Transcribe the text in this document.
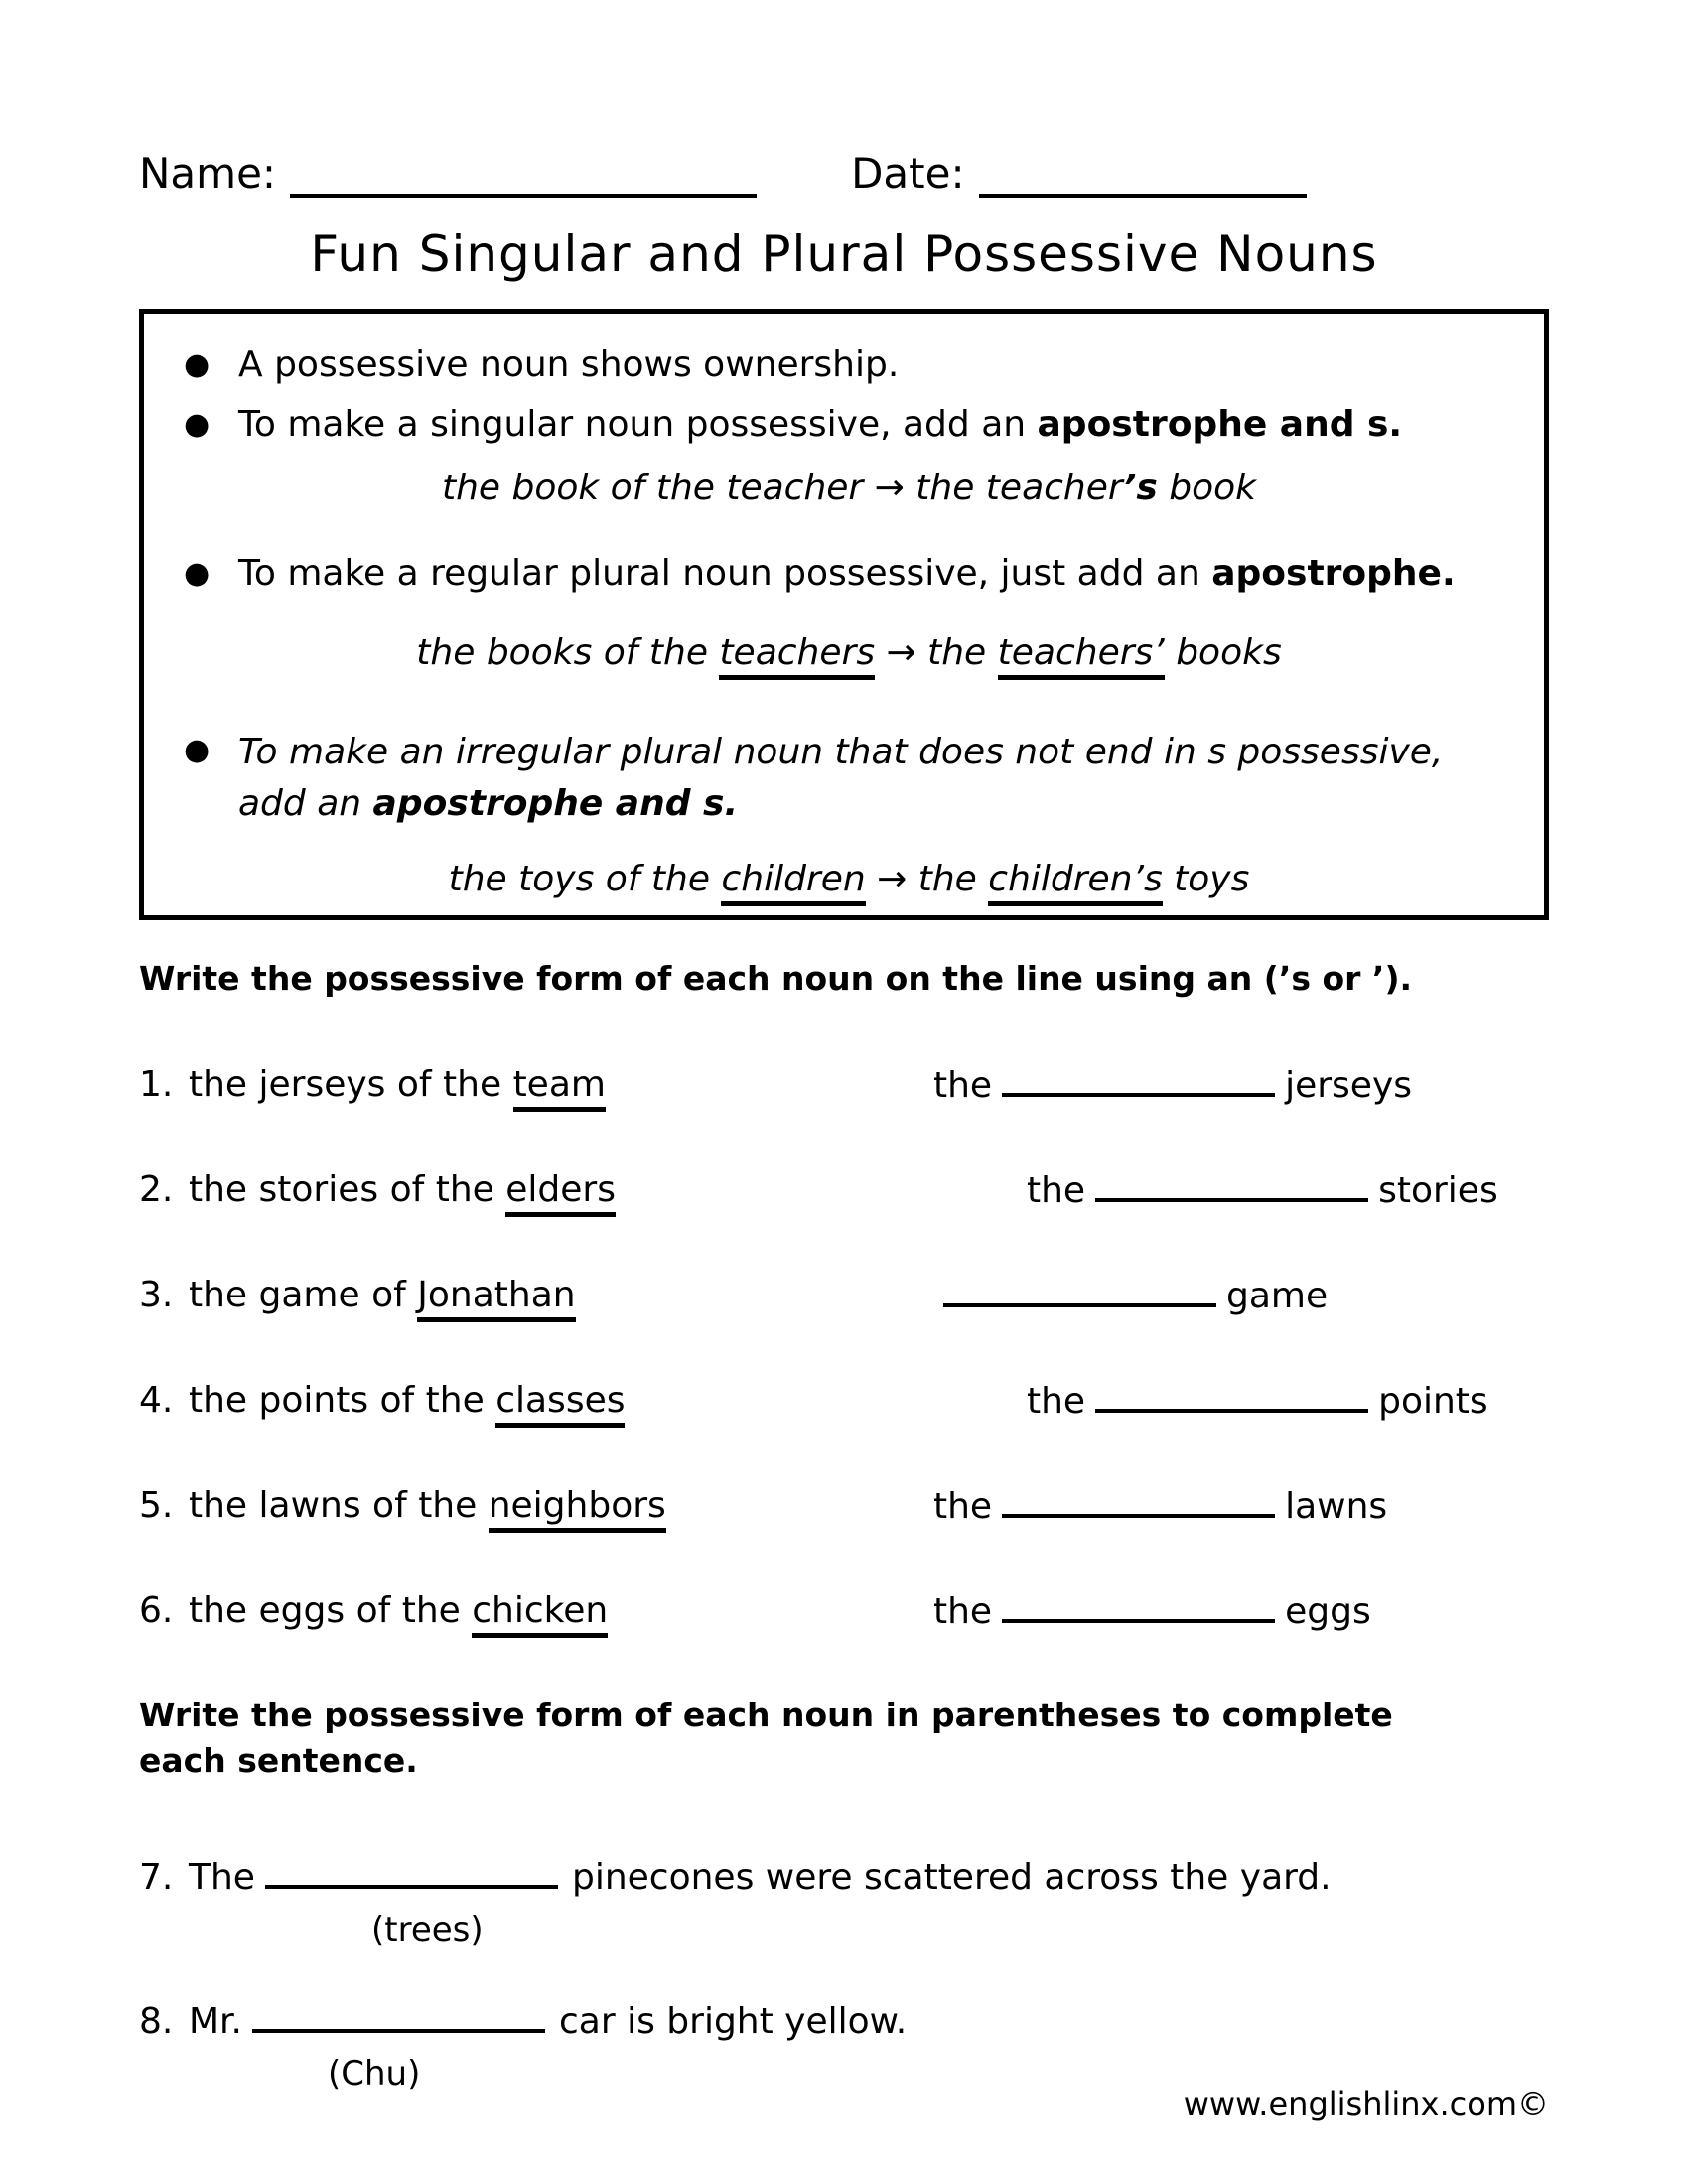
Name:	Date:
Fun Singular and Plural Possessive Nouns
● A possessive noun shows ownership.
● To make a singular noun possessive, add an apostrophe and s.
the book of the teacher → the teacher’s book
● To make a regular plural noun possessive, just add an apostrophe.
the books of the teachers → the teachers’ books
● To make an irregular plural noun that does not end in s possessive, add an apostrophe and s.
the toys of the children → the children’s toys

Write the possessive form of each noun on the line using an (’s or ’).

1. the jerseys of the team	the	jerseys
2. the stories of the elders	the	stories
3. the game of Jonathan	game
4. the points of the classes	the	points
5. the lawns of the neighbors	the	lawns
6. the eggs of the chicken	the	eggs

Write the possessive form of each noun in parentheses to complete each sentence.

7. The	pinecones were scattered across the yard.
(trees)
8. Mr.	car is bright yellow.
(Chu)
www.englishlinx.com©
